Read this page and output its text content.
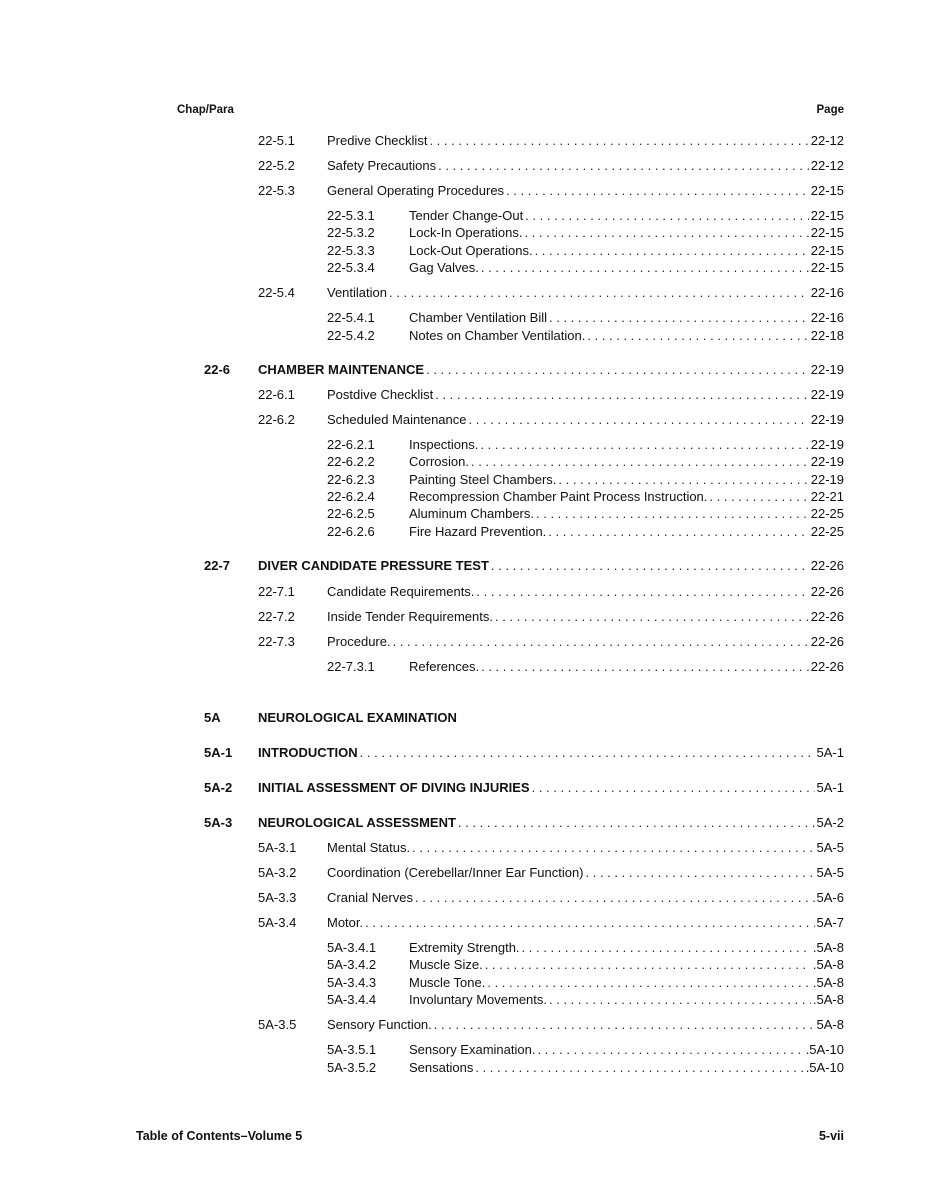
Chap/Para	Page
22-5.1 Predive Checklist . . .	22-12
22-5.2 Safety Precautions . . .	22-12
22-5.3 General Operating Procedures . . .	22-15
22-5.3.1	Tender Change-Out . . .	22-15
22-5.3.2	Lock-In Operations. . . .	22-15
22-5.3.3	Lock-Out Operations. . . .	22-15
22-5.3.4	Gag Valves. . . .	22-15
22-5.4 Ventilation . . .	22-16
22-5.4.1	Chamber Ventilation Bill . . .	22-16
22-5.4.2	Notes on Chamber Ventilation. . . .	22-18
22-6 CHAMBER MAINTENANCE . . .	22-19
22-6.1 Postdive Checklist . . .	22-19
22-6.2 Scheduled Maintenance . . .	22-19
22-6.2.1	Inspections. . . .	22-19
22-6.2.2	Corrosion. . . .	22-19
22-6.2.3	Painting Steel Chambers. . . .	22-19
22-6.2.4	Recompression Chamber Paint Process Instruction. . . .	22-21
22-6.2.5	Aluminum Chambers. . . .	22-25
22-6.2.6	Fire Hazard Prevention. . . .	22-25
22-7 DIVER CANDIDATE PRESSURE TEST . . .	22-26
22-7.1 Candidate Requirements. . . .	22-26
22-7.2 Inside Tender Requirements. . . .	22-26
22-7.3 Procedure. . . .	22-26
22-7.3.1	References. . . .	22-26
5A	NEUROLOGICAL EXAMINATION
5A-1 INTRODUCTION . . .	5A-1
5A-2 INITIAL ASSESSMENT OF DIVING INJURIES . . .	5A-1
5A-3 NEUROLOGICAL ASSESSMENT . . .	5A-2
5A-3.1 Mental Status. . . .	5A-5
5A-3.2 Coordination (Cerebellar/Inner Ear Function) . . .	5A-5
5A-3.3 Cranial Nerves . . .	5A-6
5A-3.4 Motor. . . .	5A-7
5A-3.4.1	Extremity Strength. . . .	.5A-8
5A-3.4.2	Muscle Size. . . .	.5A-8
5A-3.4.3	Muscle Tone. . . .	.5A-8
5A-3.4.4	Involuntary Movements. . . .	.5A-8
5A-3.5 Sensory Function. . . .	5A-8
5A-3.5.1	Sensory Examination. . . .	.5A-10
5A-3.5.2	Sensations . . .	.5A-10
Table of Contents–Volume 5	5-vii
